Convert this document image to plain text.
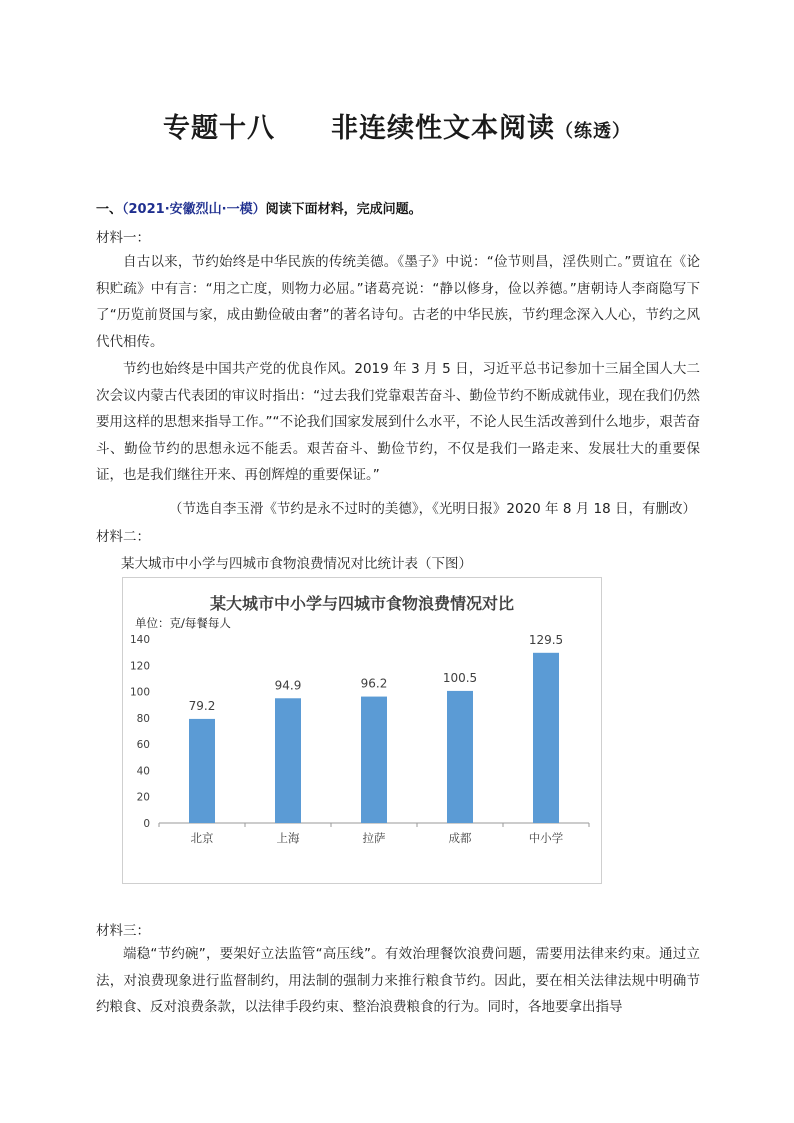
专题十八 非连续性文本阅读（练透）
一、（2021·安徽烈山·一模）阅读下面材料，完成问题。
材料一：

自古以来，节约始终是中华民族的传统美德。《墨子》中说：“俭节则昌，淫佚则亡。”贾谊在《论积贮疏》中有言：“用之亡度，则物力必屈。”诸葛亮说：“静以修身，俭以养德。”唐朝诗人李商隐写下了“历览前贤国与家，成由勤俭破由奢”的著名诗句。古老的中华民族，节约理念深入人心，节约之风代代相传。

节约也始终是中国共产党的优良作风。2019 年 3 月 5 日，习近平总书记参加十三届全国人大二次会议内蒙古代表团的审议时指出：“过去我们党靠艰苦奋斗、勤俭节约不断成就伟业，现在我们仍然要用这样的思想来指导工作。”“不论我们国家发展到什么水平，不论人民生活改善到什么地步，艰苦奋斗、勤俭节约的思想永远不能丢。艰苦奋斗、勤俭节约，不仅是我们一路走来、发展壮大的重要保证，也是我们继往开来、再创辉煌的重要保证。”

（节选自李玉滑《节约是永不过时的美德》，《光明日报》2020 年 8 月 18 日，有删改）
材料二：
某大城市中小学与四城市食物浪费情况对比统计表（下图）
某大城市中小学与四城市食物浪费情况对比
单位：克/每餐每人
0
20
40
60
80
100
120
140
79.2
北京
94.9
上海
96.2
拉萨
100.5
成都
129.5
中小学
材料三：

端稳“节约碗”，要架好立法监管“高压线”。有效治理餐饮浪费问题，需要用法律来约束。通过立法，对浪费现象进行监督制约，用法制的强制力来推行粮食节约。因此，要在相关法律法规中明确节约粮食、反对浪费条款，以法律手段约束、整治浪费粮食的行为。同时，各地要拿出指导
